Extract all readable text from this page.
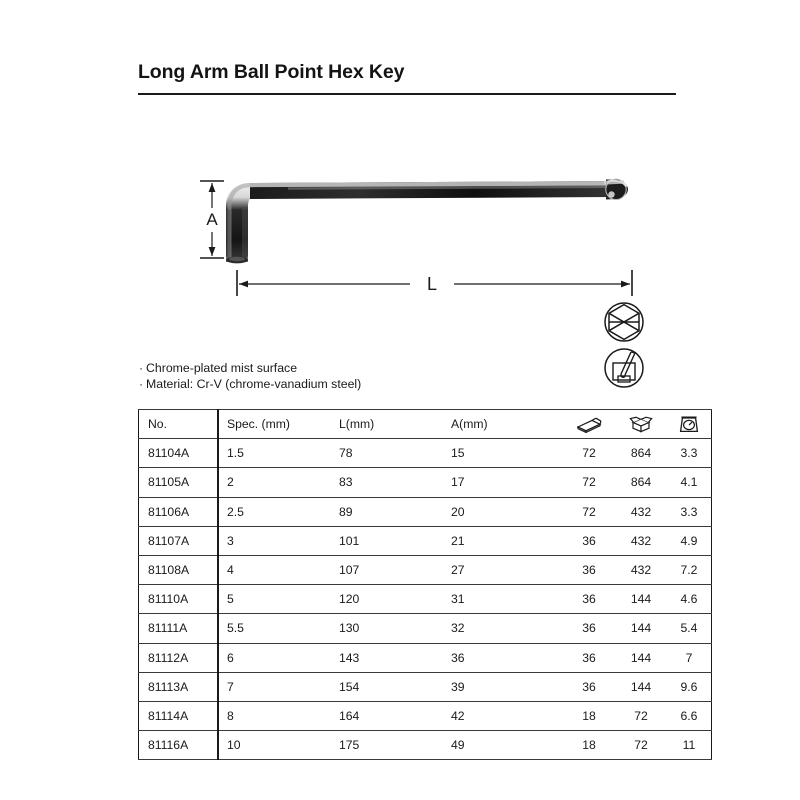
Long Arm Ball Point Hex Key
A
L
· Chrome-plated mist surface
· Material: Cr-V (chrome-vanadium steel)
No.	Spec. (mm)	L(mm)	A(mm)			
81104A	1.5	78	15	72	864	3.3
81105A	2	83	17	72	864	4.1
81106A	2.5	89	20	72	432	3.3
81107A	3	101	21	36	432	4.9
81108A	4	107	27	36	432	7.2
81110A	5	120	31	36	144	4.6
81111A	5.5	130	32	36	144	5.4
81112A	6	143	36	36	144	7
81113A	7	154	39	36	144	9.6
81114A	8	164	42	18	72	6.6
81116A	10	175	49	18	72	11
